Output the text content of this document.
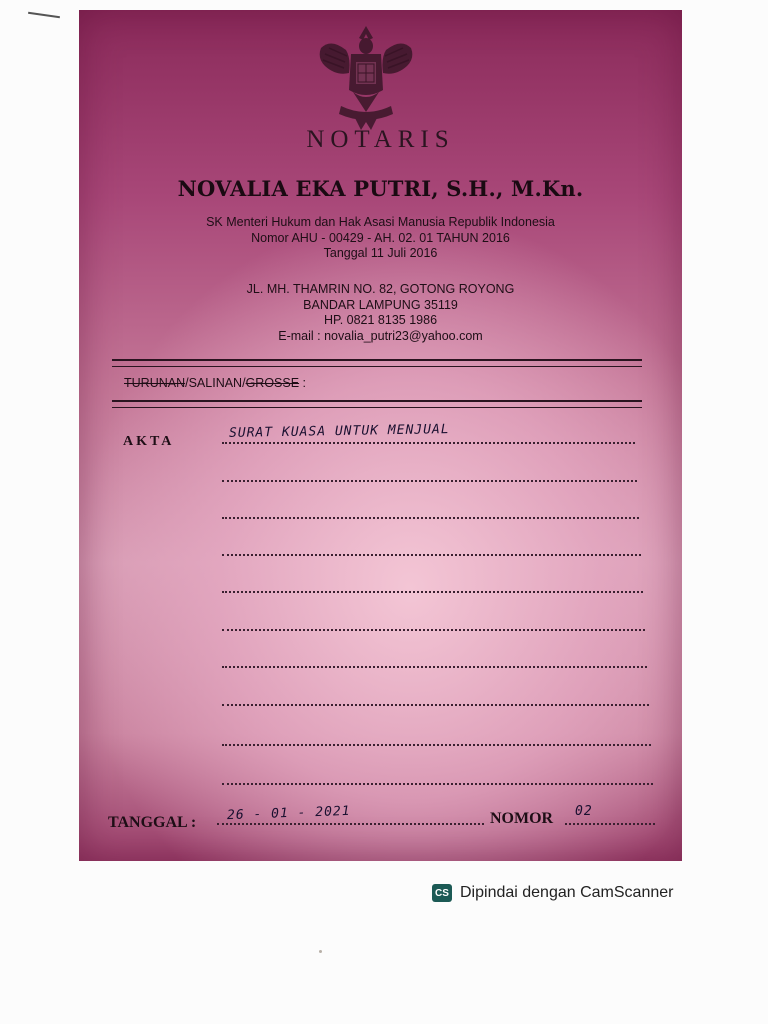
NOTARIS
NOVALIA EKA PUTRI, S.H., M.Kn.
SK Menteri Hukum dan Hak Asasi Manusia Republik Indonesia
Nomor AHU - 00429 - AH. 02. 01 TAHUN 2016
Tanggal 11 Juli 2016
JL. MH. THAMRIN NO. 82, GOTONG ROYONG
BANDAR LAMPUNG 35119
HP. 0821 8135 1986
E-mail : novalia_putri23@yahoo.com
TURUNAN/SALINAN/GROSSE :
AKTA
SURAT KUASA UNTUK MENJUAL
TANGGAL : 26 - 01 - 2021	NOMOR 02
CS Dipindai dengan CamScanner
